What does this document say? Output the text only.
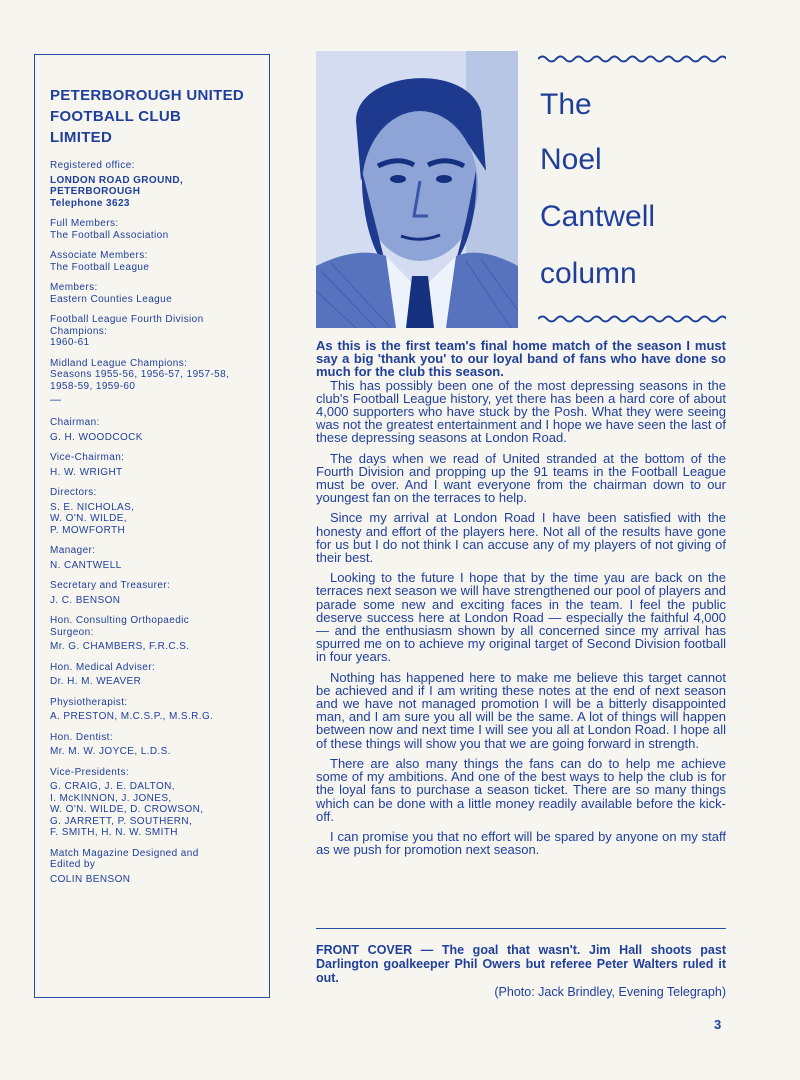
PETERBOROUGH UNITED
FOOTBALL CLUB
LIMITED
Registered office:
LONDON ROAD GROUND,
PETERBOROUGH
Telephone 3623
Full Members:
The Football Association
Associate Members:
The Football League
Members:
Eastern Counties League
Football League Fourth Division
Champions:
1960-61
Midland League Champions:
Seasons 1955-56, 1956-57, 1957-58,
1958-59, 1959-60
—
Chairman:
G. H. WOODCOCK
Vice-Chairman:
H. W. WRIGHT
Directors:
S. E. NICHOLAS,
W. O'N. WILDE,
P. MOWFORTH
Manager:
N. CANTWELL
Secretary and Treasurer:
J. C. BENSON
Hon. Consulting Orthopaedic
Surgeon:
Mr. G. CHAMBERS, F.R.C.S.
Hon. Medical Adviser:
Dr. H. M. WEAVER
Physiotherapist:
A. PRESTON, M.C.S.P., M.S.R.G.
Hon. Dentist:
Mr. M. W. JOYCE, L.D.S.
Vice-Presidents:
G. CRAIG, J. E. DALTON,
I. McKINNON, J. JONES,
W. O'N. WILDE, D. CROWSON,
G. JARRETT, P. SOUTHERN,
F. SMITH, H. N. W. SMITH
Match Magazine Designed and
Edited by
COLIN BENSON
The
Noel
Cantwell
column

As this is the first team's final home match of the season I must say a big 'thank you' to our loyal band of fans who have done so much for the club this season.

This has possibly been one of the most depressing seasons in the club's Football League history, yet there has been a hard core of about 4,000 supporters who have stuck by the Posh. What they were seeing was not the greatest entertainment and I hope we have seen the last of these depressing seasons at London Road.

The days when we read of United stranded at the bottom of the Fourth Division and propping up the 91 teams in the Football League must be over. And I want everyone from the chairman down to our youngest fan on the terraces to help.

Since my arrival at London Road I have been satisfied with the honesty and effort of the players here. Not all of the results have gone for us but I do not think I can accuse any of my players of not giving of their best.

Looking to the future I hope that by the time yau are back on the terraces next season we will have strengthened our pool of players and parade some new and exciting faces in the team. I feel the public deserve success here at London Road — especially the faithful 4,000 — and the enthusiasm shown by all concerned since my arrival has spurred me on to achieve my original target of Second Division football in four years.

Nothing has happened here to make me believe this target cannot be achieved and if I am writing these notes at the end of next season and we have not managed promotion I will be a bitterly disappointed man, and I am sure you all will be the same. A lot of things will happen between now and next time I will see you all at London Road. I hope all of these things will show you that we are going forward in strength.

There are also many things the fans can do to help me achieve some of my ambitions. And one of the best ways to help the club is for the loyal fans to purchase a season ticket. There are so many things which can be done with a little money readily available before the kick-off.

I can promise you that no effort will be spared by anyone on my staff as we push for promotion next season.

FRONT COVER — The goal that wasn't. Jim Hall shoots past Darlington goalkeeper Phil Owers but referee Peter Walters ruled it out.
(Photo: Jack Brindley, Evening Telegraph)
3
